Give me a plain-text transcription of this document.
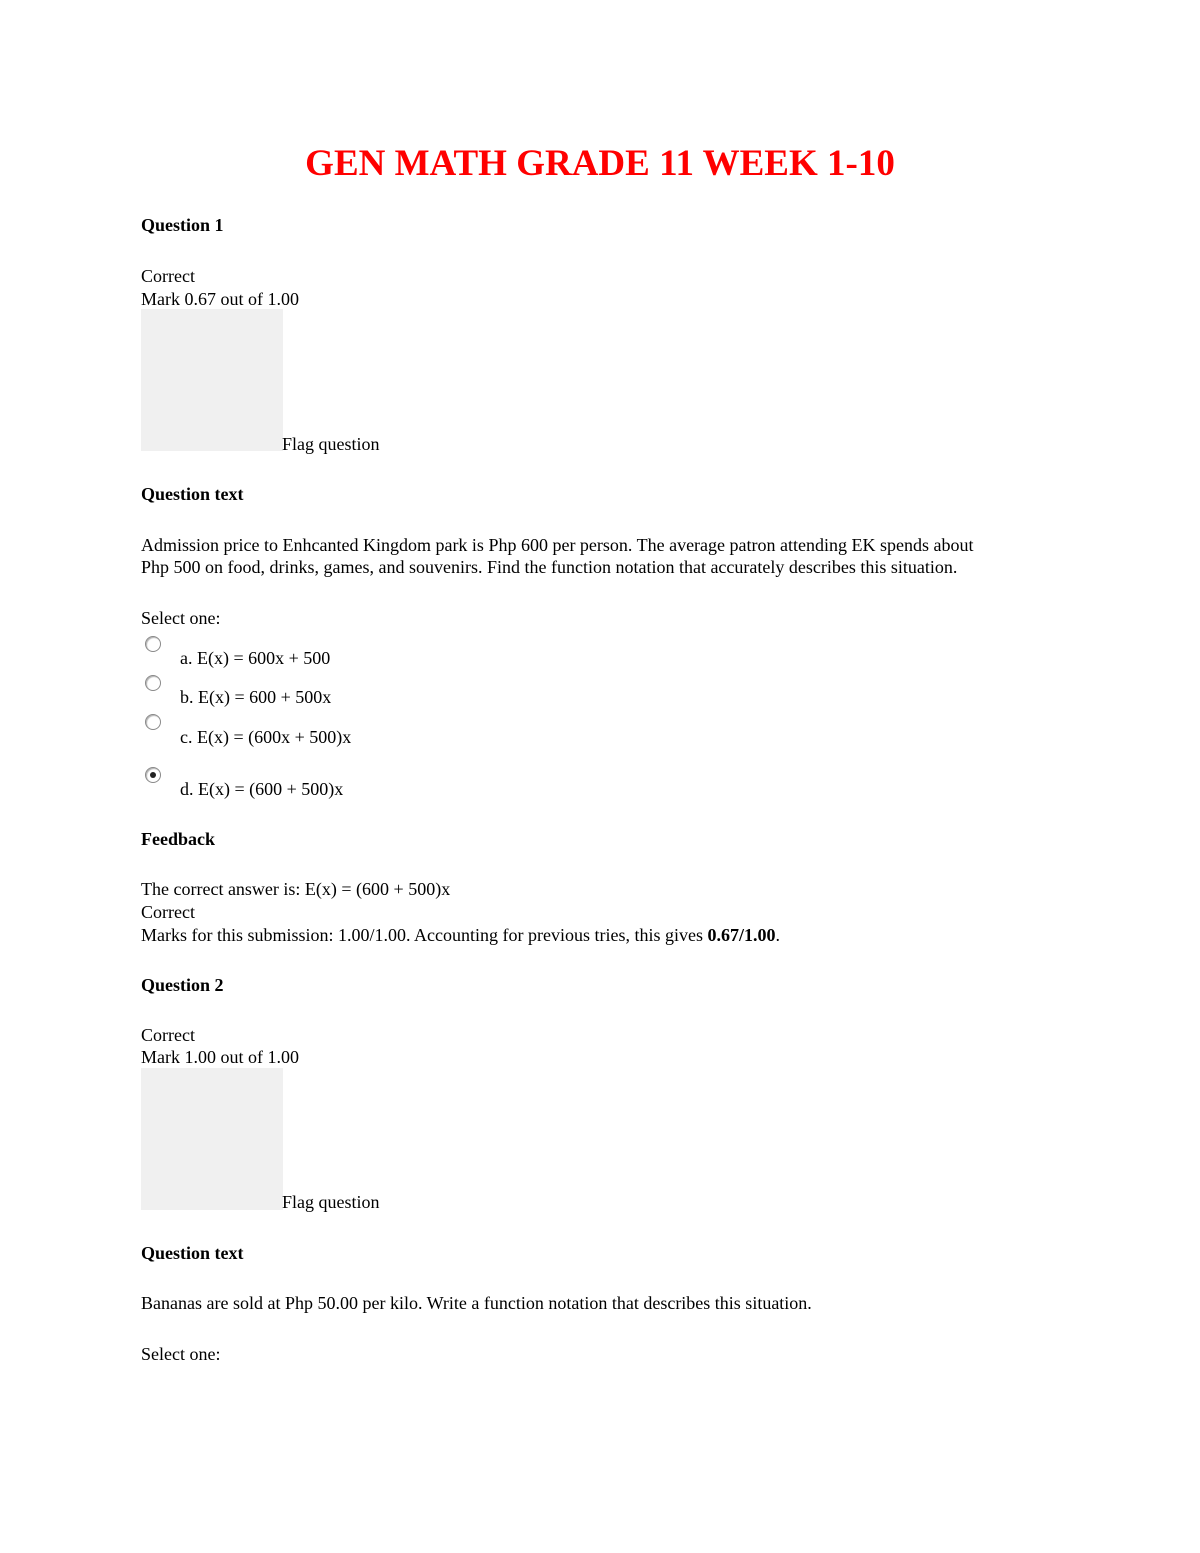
GEN MATH GRADE 11 WEEK 1-10
Question 1
Correct
Mark 0.67 out of 1.00
Flag question
Question text
Admission price to Enhcanted Kingdom park is Php 600 per person. The average patron attending EK spends about
Php 500 on food, drinks, games, and souvenirs. Find the function notation that accurately describes this situation.
Select one:
a. E(x) = 600x + 500
b. E(x) = 600 + 500x
c. E(x) = (600x + 500)x
d. E(x) = (600 + 500)x
Feedback
The correct answer is: E(x) = (600 + 500)x
Correct
Marks for this submission: 1.00/1.00. Accounting for previous tries, this gives 0.67/1.00.
Question 2
Correct
Mark 1.00 out of 1.00
Flag question
Question text
Bananas are sold at Php 50.00 per kilo. Write a function notation that describes this situation.
Select one:
